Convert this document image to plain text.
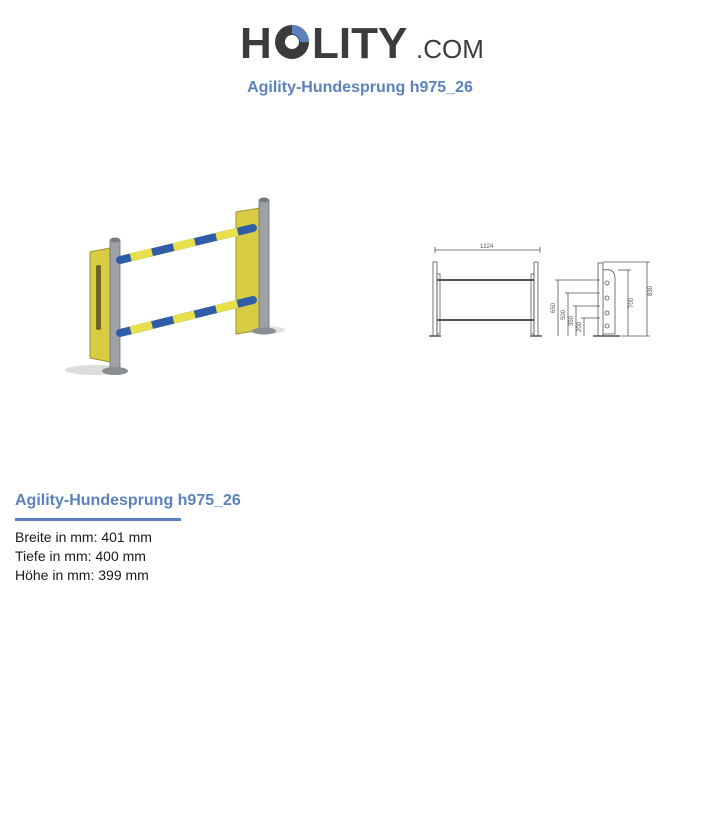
H LITY .COM
Agility-Hundesprung h975_26
1224
650
500
350
200
700
830
Agility-Hundesprung h975_26
Breite in mm: 401 mm
Tiefe in mm: 400 mm
Höhe in mm: 399 mm
